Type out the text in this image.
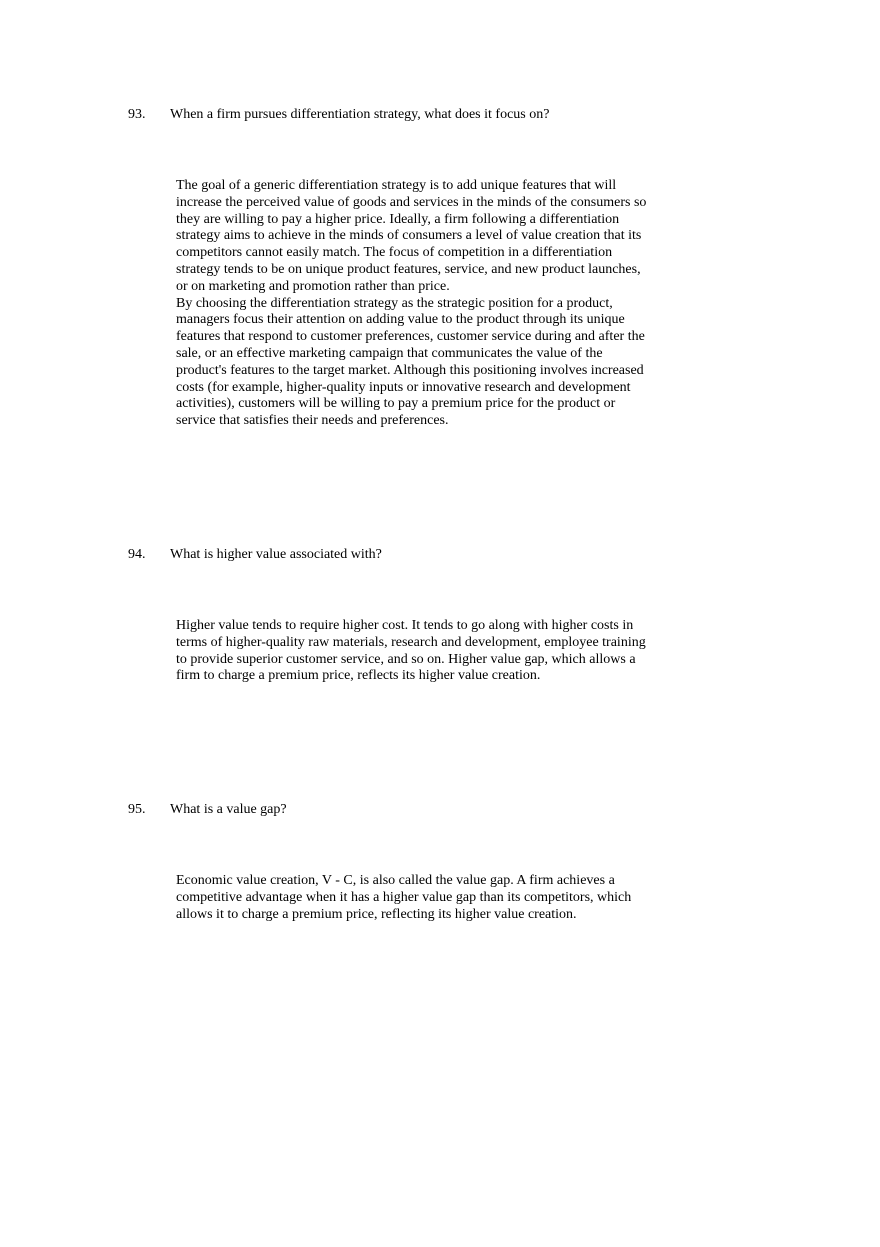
93. When a firm pursues differentiation strategy, what does it focus on?

The goal of a generic differentiation strategy is to add unique features that will increase the perceived value of goods and services in the minds of the consumers so they are willing to pay a higher price. Ideally, a firm following a differentiation strategy aims to achieve in the minds of consumers a level of value creation that its competitors cannot easily match. The focus of competition in a differentiation strategy tends to be on unique product features, service, and new product launches, or on marketing and promotion rather than price.

By choosing the differentiation strategy as the strategic position for a product, managers focus their attention on adding value to the product through its unique features that respond to customer preferences, customer service during and after the sale, or an effective marketing campaign that communicates the value of the product's features to the target market. Although this positioning involves increased costs (for example, higher-quality inputs or innovative research and development activities), customers will be willing to pay a premium price for the product or service that satisfies their needs and preferences.

94. What is higher value associated with?

Higher value tends to require higher cost. It tends to go along with higher costs in terms of higher-quality raw materials, research and development, employee training to provide superior customer service, and so on. Higher value gap, which allows a firm to charge a premium price, reflects its higher value creation.

95. What is a value gap?

Economic value creation, V - C, is also called the value gap. A firm achieves a competitive advantage when it has a higher value gap than its competitors, which allows it to charge a premium price, reflecting its higher value creation.
